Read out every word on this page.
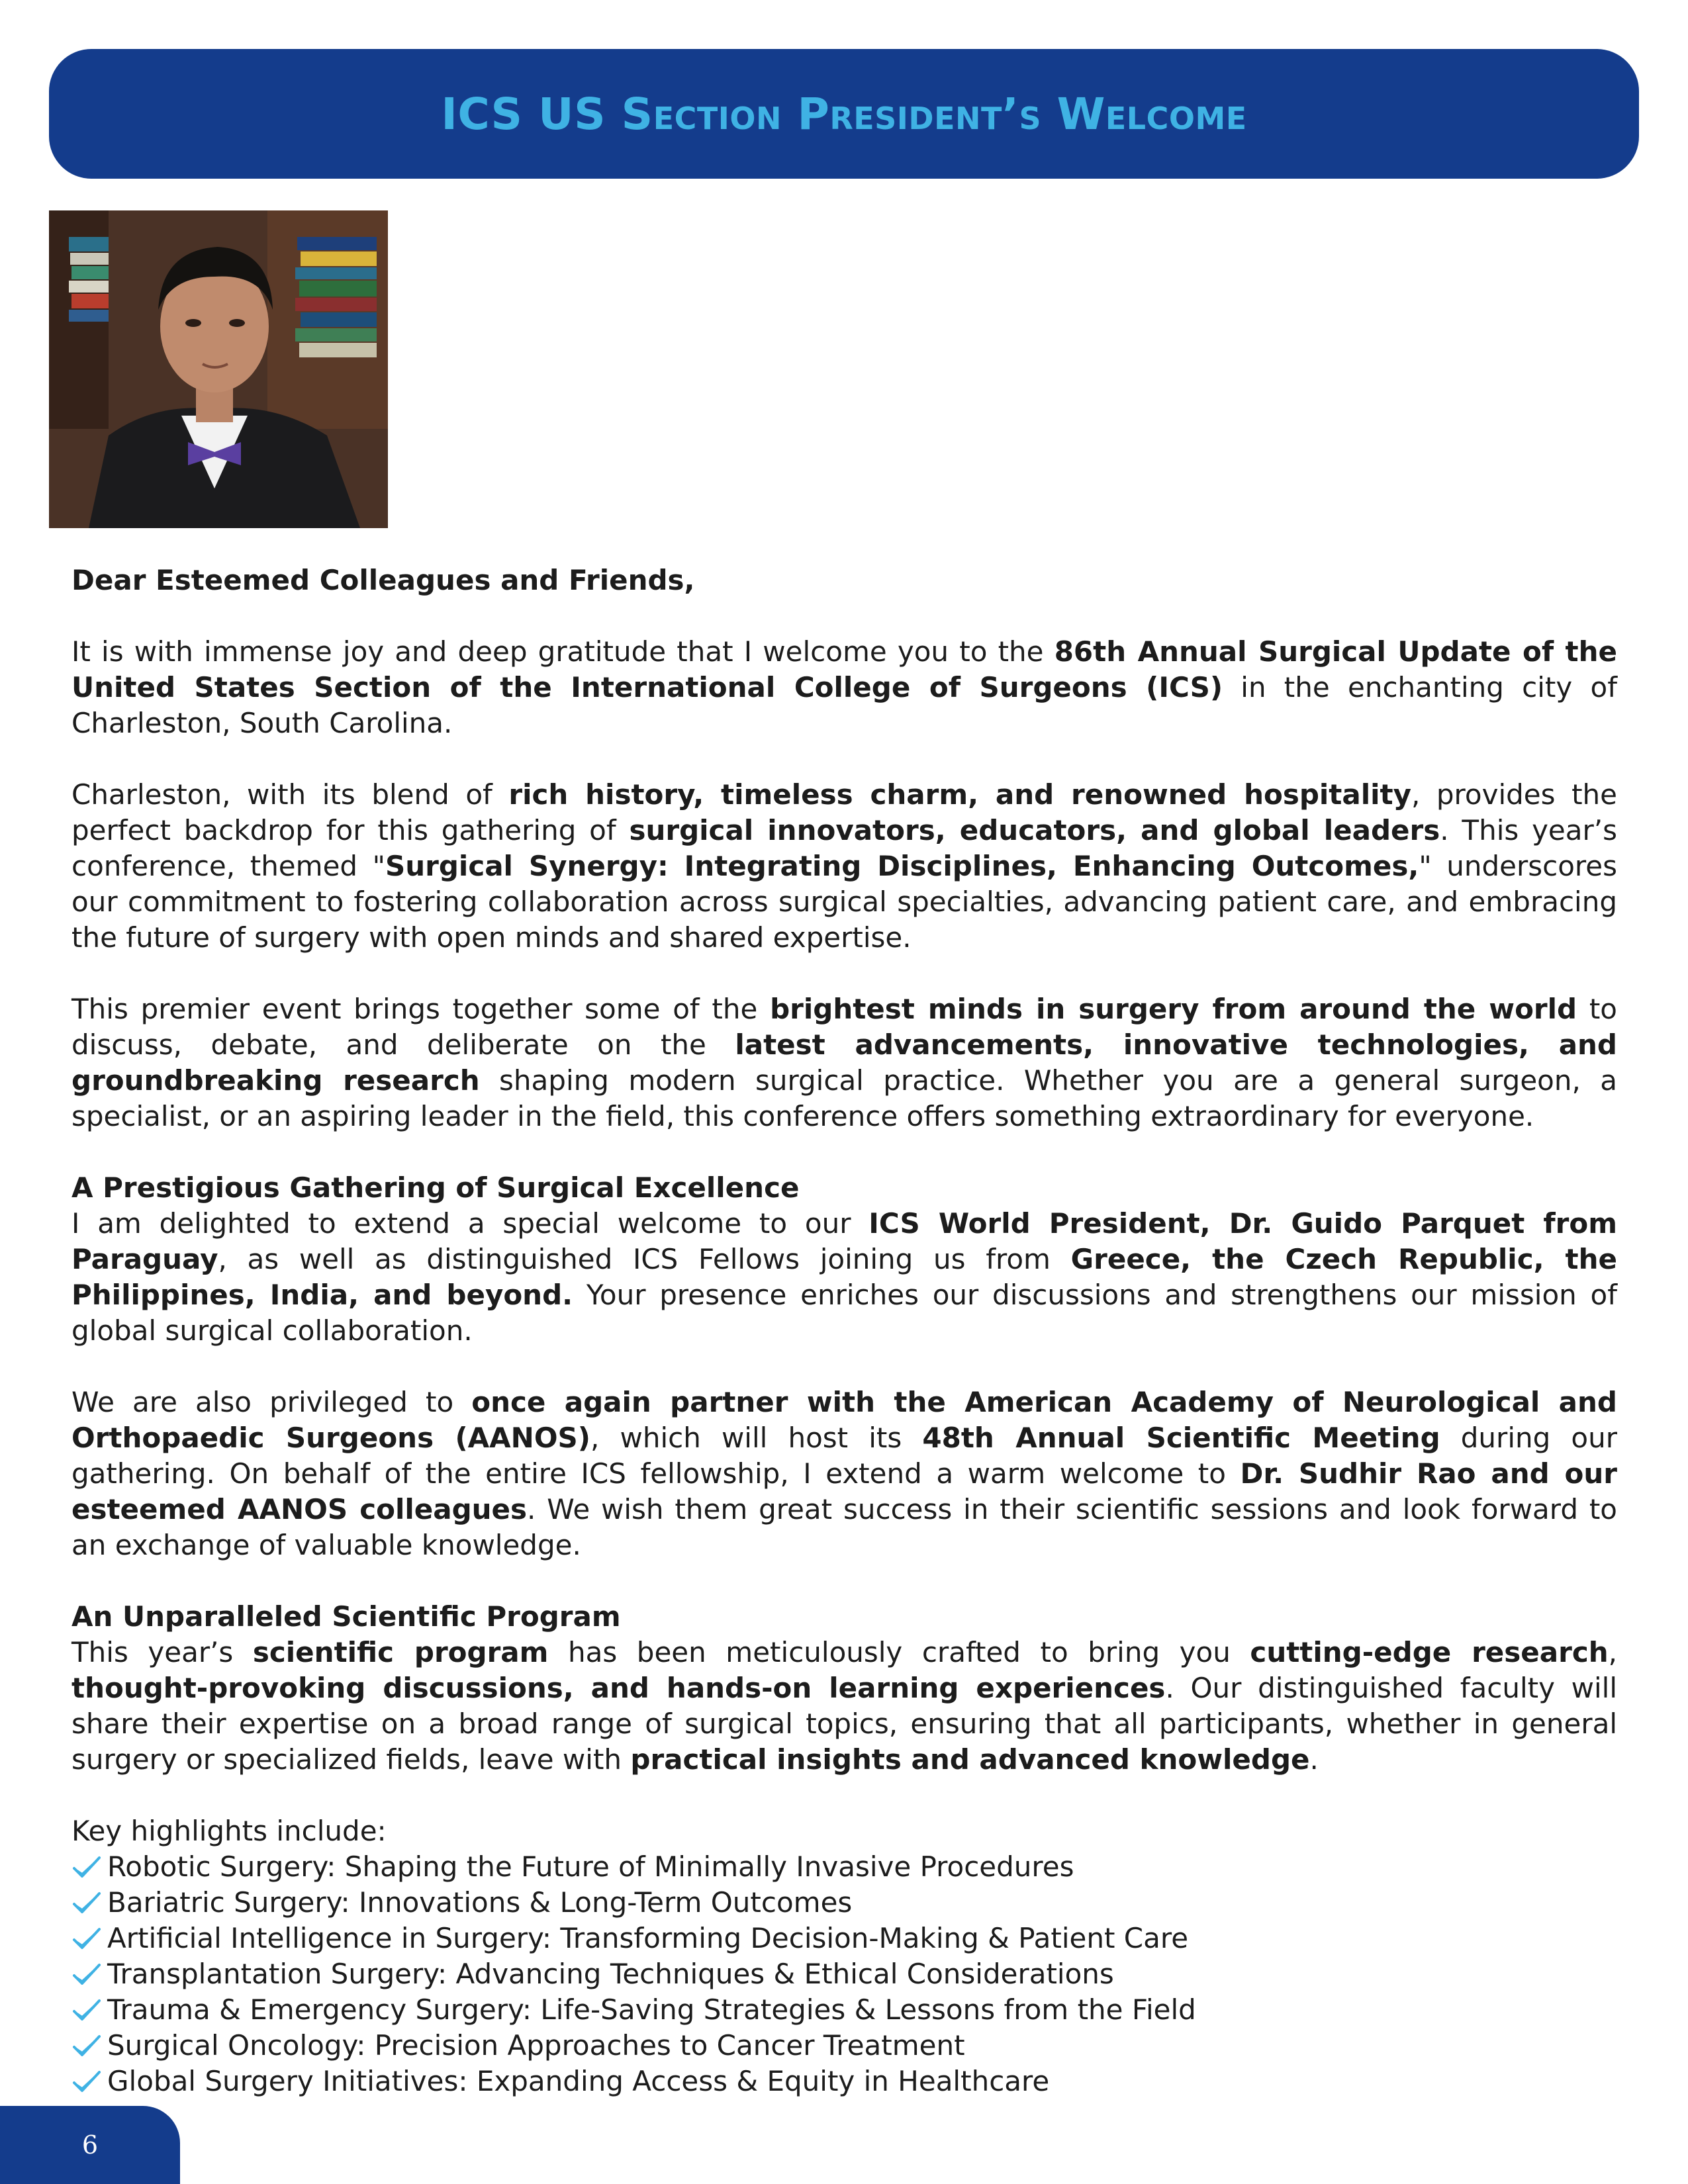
ICS US Section President’s Welcome

Dear Esteemed Colleagues and Friends,

It is with immense joy and deep gratitude that I welcome you to the 86th Annual Surgical Update of the United States Section of the International College of Surgeons (ICS) in the enchanting city of Charleston, South Carolina.

Charleston, with its blend of rich history, timeless charm, and renowned hospitality, provides the perfect backdrop for this gathering of surgical innovators, educators, and global leaders. This year’s conference, themed "Surgical Synergy: Integrating Disciplines, Enhancing Outcomes," underscores our commitment to fostering collaboration across surgical specialties, advancing patient care, and embracing the future of surgery with open minds and shared expertise.

This premier event brings together some of the brightest minds in surgery from around the world to discuss, debate, and deliberate on the latest advancements, innovative technologies, and groundbreaking research shaping modern surgical practice. Whether you are a general surgeon, a specialist, or an aspiring leader in the field, this conference offers something extraordinary for everyone.

A Prestigious Gathering of Surgical Excellence
I am delighted to extend a special welcome to our ICS World President, Dr. Guido Parquet from Paraguay, as well as distinguished ICS Fellows joining us from Greece, the Czech Republic, the Philippines, India, and beyond. Your presence enriches our discussions and strengthens our mission of global surgical collaboration.

We are also privileged to once again partner with the American Academy of Neurological and Orthopaedic Surgeons (AANOS), which will host its 48th Annual Scientific Meeting during our gathering. On behalf of the entire ICS fellowship, I extend a warm welcome to Dr. Sudhir Rao and our esteemed AANOS colleagues. We wish them great success in their scientific sessions and look forward to an exchange of valuable knowledge.

An Unparalleled Scientific Program
This year’s scientific program has been meticulously crafted to bring you cutting-edge research, thought-provoking discussions, and hands-on learning experiences. Our distinguished faculty will share their expertise on a broad range of surgical topics, ensuring that all participants, whether in general surgery or specialized fields, leave with practical insights and advanced knowledge.

Key highlights include:
Robotic Surgery: Shaping the Future of Minimally Invasive Procedures
Bariatric Surgery: Innovations & Long-Term Outcomes
Artificial Intelligence in Surgery: Transforming Decision-Making & Patient Care
Transplantation Surgery: Advancing Techniques & Ethical Considerations
Trauma & Emergency Surgery: Life-Saving Strategies & Lessons from the Field
Surgical Oncology: Precision Approaches to Cancer Treatment
Global Surgery Initiatives: Expanding Access & Equity in Healthcare
6
